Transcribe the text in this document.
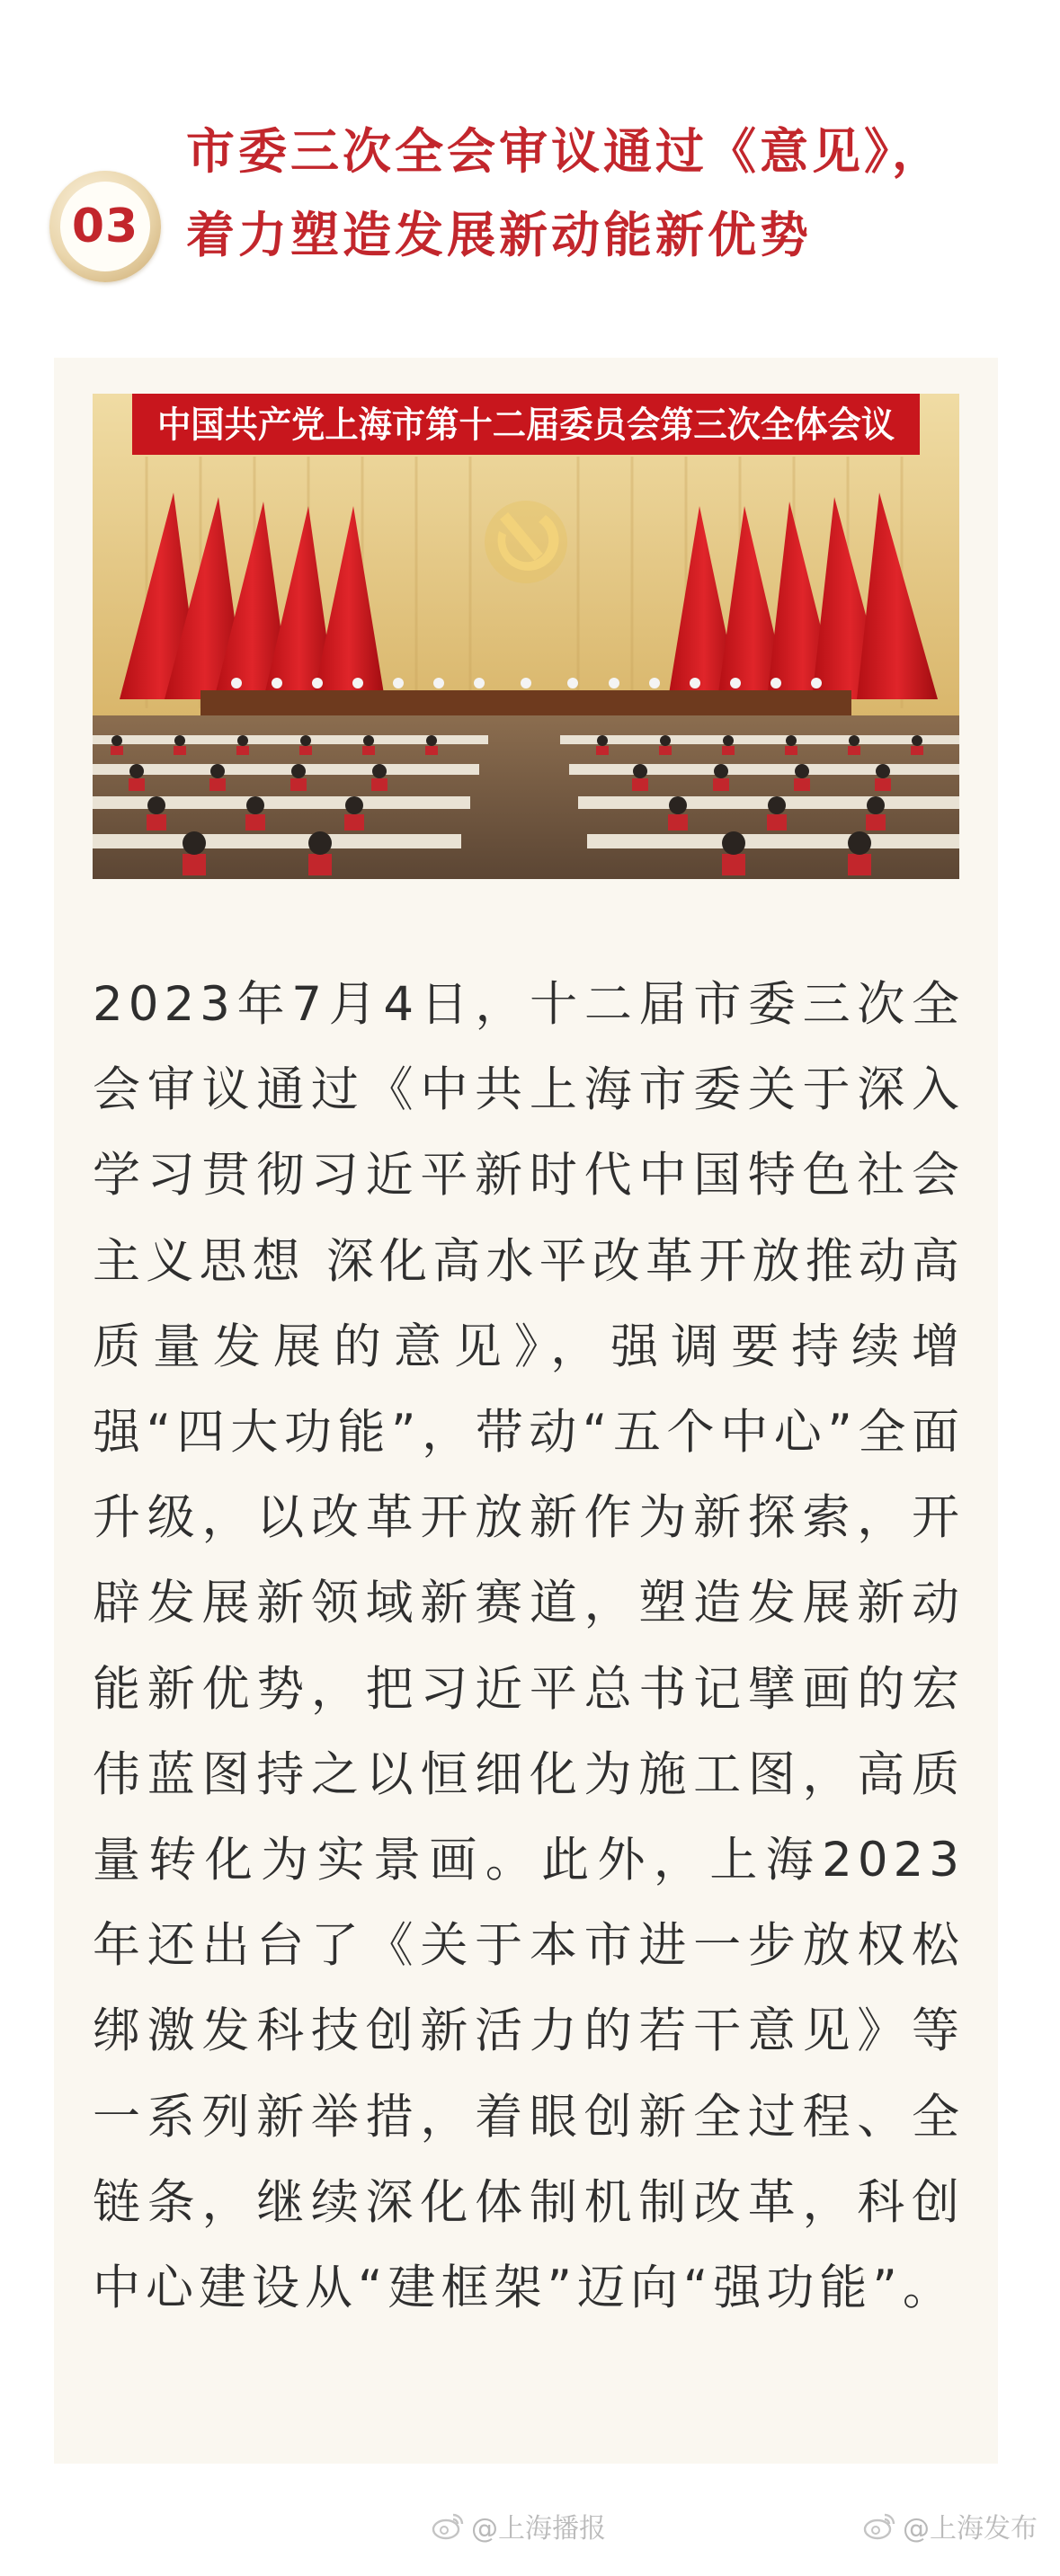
03
市委三次全会审议通过《意见》，着力塑造发展新动能新优势
中国共产党上海市第十二届委员会第三次全体会议

2023年7月4日，十二届市委三次全会审议通过《中共上海市委关于深入学习贯彻习近平新时代中国特色社会主义思想 深化高水平改革开放推动高质量发展的意见》，强调要持续增强“四大功能”，带动“五个中心”全面升级，以改革开放新作为新探索，开辟发展新领域新赛道，塑造发展新动能新优势，把习近平总书记擘画的宏伟蓝图持之以恒细化为施工图，高质量转化为实景画。此外，上海2023年还出台了《关于本市进一步放权松绑激发科技创新活力的若干意见》等一系列新举措，着眼创新全过程、全链条，继续深化体制机制改革，科创中心建设从“建框架”迈向“强功能”。

@上海播报	@上海发布
